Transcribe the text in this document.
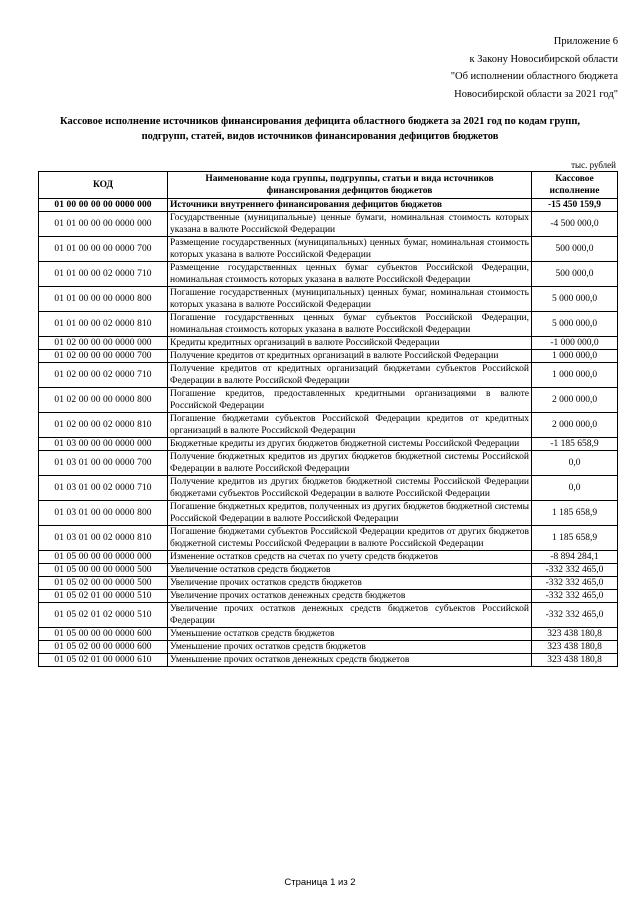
Приложение 6
к Закону Новосибирской области
"Об исполнении областного бюджета
Новосибирской области за 2021 год"
Кассовое исполнение источников финансирования дефицита областного бюджета за 2021 год по кодам групп,
подгрупп, статей, видов источников финансирования дефицитов бюджетов
тыс. рублей
КОД	Наименование кода группы, подгруппы, статьи и вида источников финансирования дефицитов бюджетов	Кассовое исполнение
01 00 00 00 00 0000 000	Источники внутреннего финансирования дефицитов бюджетов	-15 450 159,9
01 01 00 00 00 0000 000	Государственные (муниципальные) ценные бумаги, номинальная стоимость которых указана в валюте Российской Федерации	-4 500 000,0
01 01 00 00 00 0000 700	Размещение государственных (муниципальных) ценных бумаг, номинальная стоимость которых указана в валюте Российской Федерации	500 000,0
01 01 00 00 02 0000 710	Размещение государственных ценных бумаг субъектов Российской Федерации, номинальная стоимость которых указана в валюте Российской Федерации	500 000,0
01 01 00 00 00 0000 800	Погашение государственных (муниципальных) ценных бумаг, номинальная стоимость которых указана в валюте Российской Федерации	5 000 000,0
01 01 00 00 02 0000 810	Погашение государственных ценных бумаг субъектов Российской Федерации, номинальная стоимость которых указана в валюте Российской Федерации	5 000 000,0
01 02 00 00 00 0000 000	Кредиты кредитных организаций в валюте Российской Федерации	-1 000 000,0
01 02 00 00 00 0000 700	Получение кредитов от кредитных организаций в валюте Российской Федерации	1 000 000,0
01 02 00 00 02 0000 710	Получение кредитов от кредитных организаций бюджетами субъектов Российской Федерации в валюте Российской Федерации	1 000 000,0
01 02 00 00 00 0000 800	Погашение кредитов, предоставленных кредитными организациями в валюте Российской Федерации	2 000 000,0
01 02 00 00 02 0000 810	Погашение бюджетами субъектов Российской Федерации кредитов от кредитных организаций в валюте Российской Федерации	2 000 000,0
01 03 00 00 00 0000 000	Бюджетные кредиты из других бюджетов бюджетной системы Российской Федерации	-1 185 658,9
01 03 01 00 00 0000 700	Получение бюджетных кредитов из других бюджетов бюджетной системы Российской Федерации в валюте Российской Федерации	0,0
01 03 01 00 02 0000 710	Получение кредитов из других бюджетов бюджетной системы Российской Федерации бюджетами субъектов Российской Федерации в валюте Российской Федерации	0,0
01 03 01 00 00 0000 800	Погашение бюджетных кредитов, полученных из других бюджетов бюджетной системы Российской Федерации в валюте Российской Федерации	1 185 658,9
01 03 01 00 02 0000 810	Погашение бюджетами субъектов Российской Федерации кредитов от других бюджетов бюджетной системы Российской Федерации в валюте Российской Федерации	1 185 658,9
01 05 00 00 00 0000 000	Изменение остатков средств на счетах по учету средств бюджетов	-8 894 284,1
01 05 00 00 00 0000 500	Увеличение остатков средств бюджетов	-332 332 465,0
01 05 02 00 00 0000 500	Увеличение прочих остатков средств бюджетов	-332 332 465,0
01 05 02 01 00 0000 510	Увеличение прочих остатков денежных средств бюджетов	-332 332 465,0
01 05 02 01 02 0000 510	Увеличение прочих остатков денежных средств бюджетов субъектов Российской Федерации	-332 332 465,0
01 05 00 00 00 0000 600	Уменьшение остатков средств бюджетов	323 438 180,8
01 05 02 00 00 0000 600	Уменьшение прочих остатков средств бюджетов	323 438 180,8
01 05 02 01 00 0000 610	Уменьшение прочих остатков денежных средств бюджетов	323 438 180,8
Страница 1 из 2
